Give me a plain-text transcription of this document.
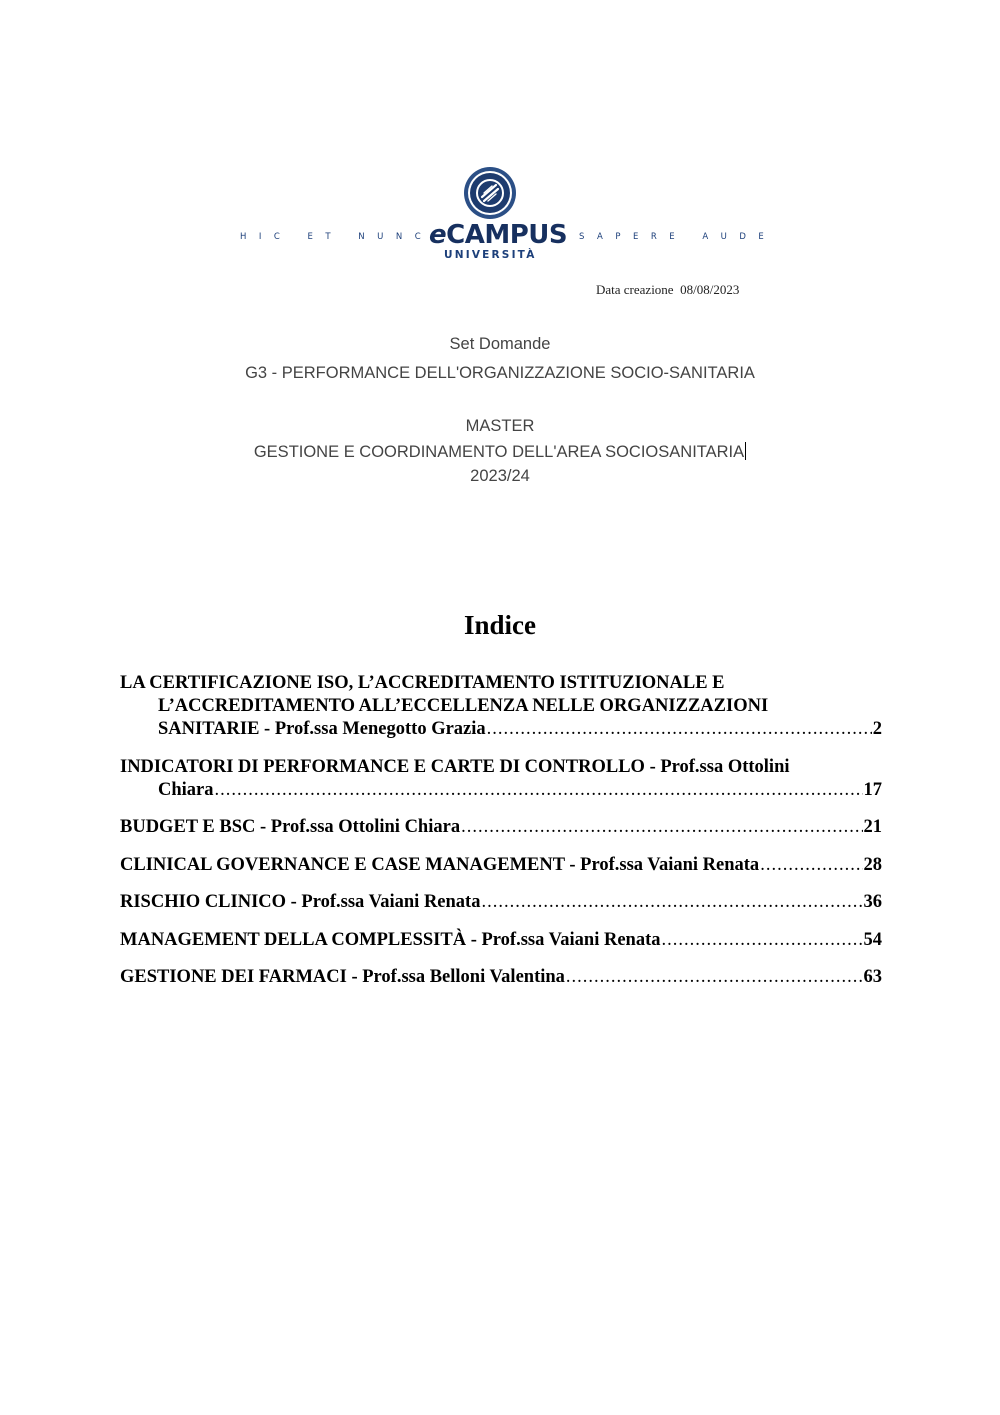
HIC ET NUNC
eCAMPUS
UNIVERSITÀ
SAPERE AUDE
Data creazione 08/08/2023
Set Domande
G3 - PERFORMANCE DELL'ORGANIZZAZIONE SOCIO-SANITARIA
MASTER
GESTIONE E COORDINAMENTO DELL'AREA SOCIOSANITARIA
2023/24
Indice
LA CERTIFICAZIONE ISO, L’ACCREDITAMENTO ISTITUZIONALE E
L’ACCREDITAMENTO ALL’ECCELLENZA NELLE ORGANIZZAZIONI
SANITARIE - Prof.ssa Menegotto Grazia .....	2
INDICATORI DI PERFORMANCE E CARTE DI CONTROLLO - Prof.ssa Ottolini
Chiara .....	17
BUDGET E BSC - Prof.ssa Ottolini Chiara .....	21
CLINICAL GOVERNANCE E CASE MANAGEMENT - Prof.ssa Vaiani Renata .....	28
RISCHIO CLINICO - Prof.ssa Vaiani Renata .....	36
MANAGEMENT DELLA COMPLESSITÀ - Prof.ssa Vaiani Renata .....	54
GESTIONE DEI FARMACI - Prof.ssa Belloni Valentina .....	63
